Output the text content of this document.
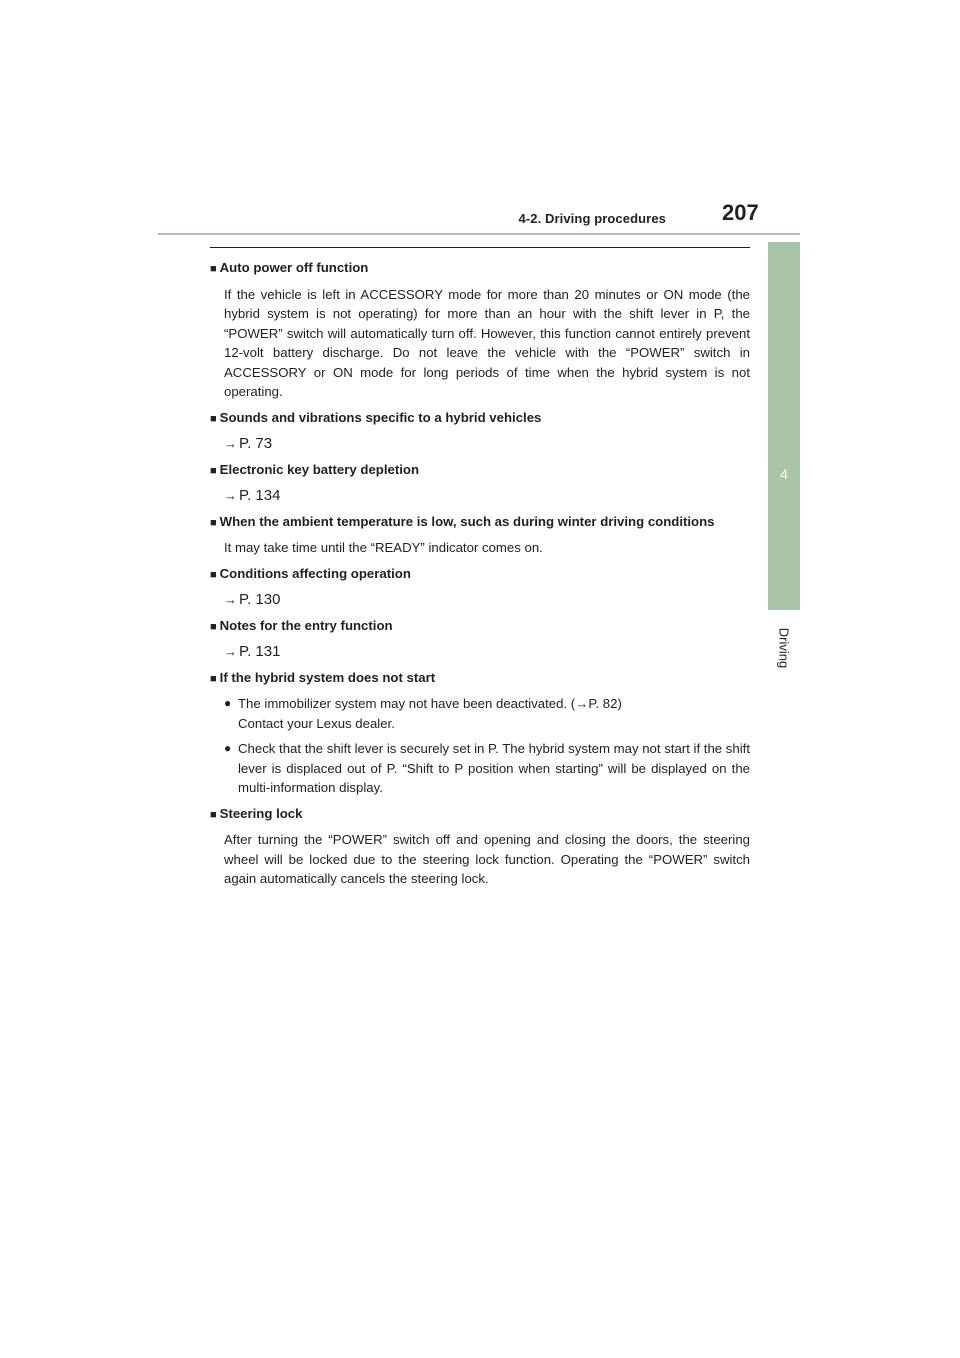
4-2. Driving procedures	207
4
Driving
■ Auto power off function
If the vehicle is left in ACCESSORY mode for more than 20 minutes or ON mode (the hybrid system is not operating) for more than an hour with the shift lever in P, the “POWER” switch will automatically turn off. However, this function cannot entirely prevent 12-volt battery discharge. Do not leave the vehicle with the “POWER” switch in ACCESSORY or ON mode for long periods of time when the hybrid system is not operating.
■ Sounds and vibrations specific to a hybrid vehicles
→ P. 73
■ Electronic key battery depletion
→ P. 134
■ When the ambient temperature is low, such as during winter driving conditions
It may take time until the “READY” indicator comes on.
■ Conditions affecting operation
→ P. 130
■ Notes for the entry function
→ P. 131
■ If the hybrid system does not start
● The immobilizer system may not have been deactivated. (→P. 82)
Contact your Lexus dealer.
● Check that the shift lever is securely set in P. The hybrid system may not start if the shift lever is displaced out of P. “Shift to P position when starting” will be displayed on the multi-information display.
■ Steering lock
After turning the “POWER” switch off and opening and closing the doors, the steering wheel will be locked due to the steering lock function. Operating the “POWER” switch again automatically cancels the steering lock.
